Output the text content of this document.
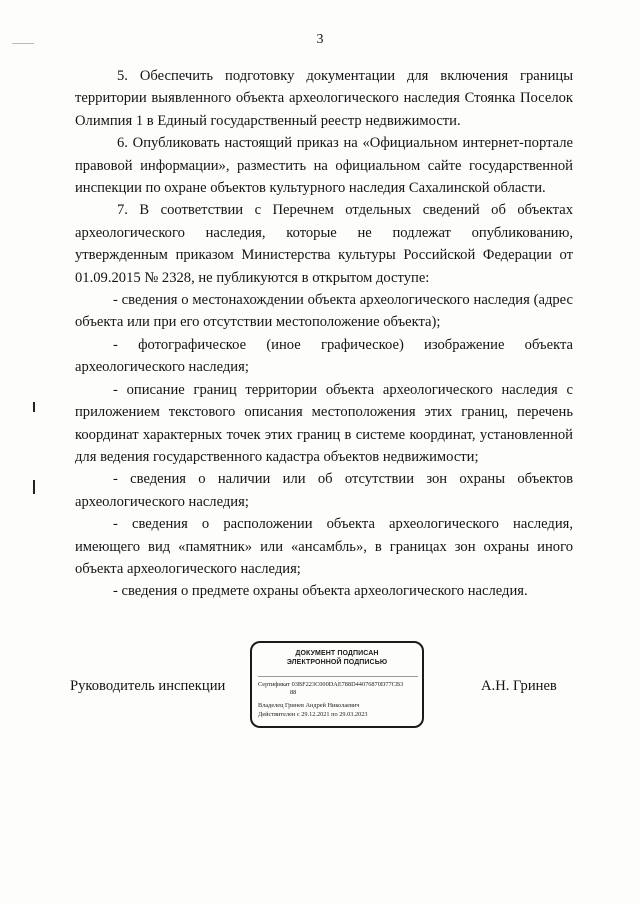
3

5. Обеспечить подготовку документации для включения границы территории выявленного объекта археологического наследия Стоянка Поселок Олимпия 1 в Единый государственный реестр недвижимости.

6. Опубликовать настоящий приказ на «Официальном интернет-портале правовой информации», разместить на официальном сайте государственной инспекции по охране объектов культурного наследия Сахалинской области.

7. В соответствии с Перечнем отдельных сведений об объектах археологического наследия, которые не подлежат опубликованию, утвержденным приказом Министерства культуры Российской Федерации от 01.09.2015 № 2328, не публикуются в открытом доступе:

- сведения о местонахождении объекта археологического наследия (адрес объекта или при его отсутствии местоположение объекта);

- фотографическое (иное графическое) изображение объекта археологического наследия;

- описание границ территории объекта археологического наследия с приложением текстового описания местоположения этих границ, перечень координат характерных точек этих границ в системе координат, установленной для ведения государственного кадастра объектов недвижимости;

- сведения о наличии или об отсутствии зон охраны объектов археологического наследия;

- сведения о расположении объекта археологического наследия, имеющего вид «памятник» или «ансамбль», в границах зон охраны иного объекта археологического наследия;

- сведения о предмете охраны объекта археологического наследия.

Руководитель инспекции
ДОКУМЕНТ ПОДПИСАН
ЭЛЕКТРОННОЙ ПОДПИСЬЮ
Сертификат 03BF223C000DAE788D44076870D77CB3
88
Владелец Гринев Андрей Николаевич
Действителен с 29.12.2021 по 29.03.2023
А.Н. Гринев
